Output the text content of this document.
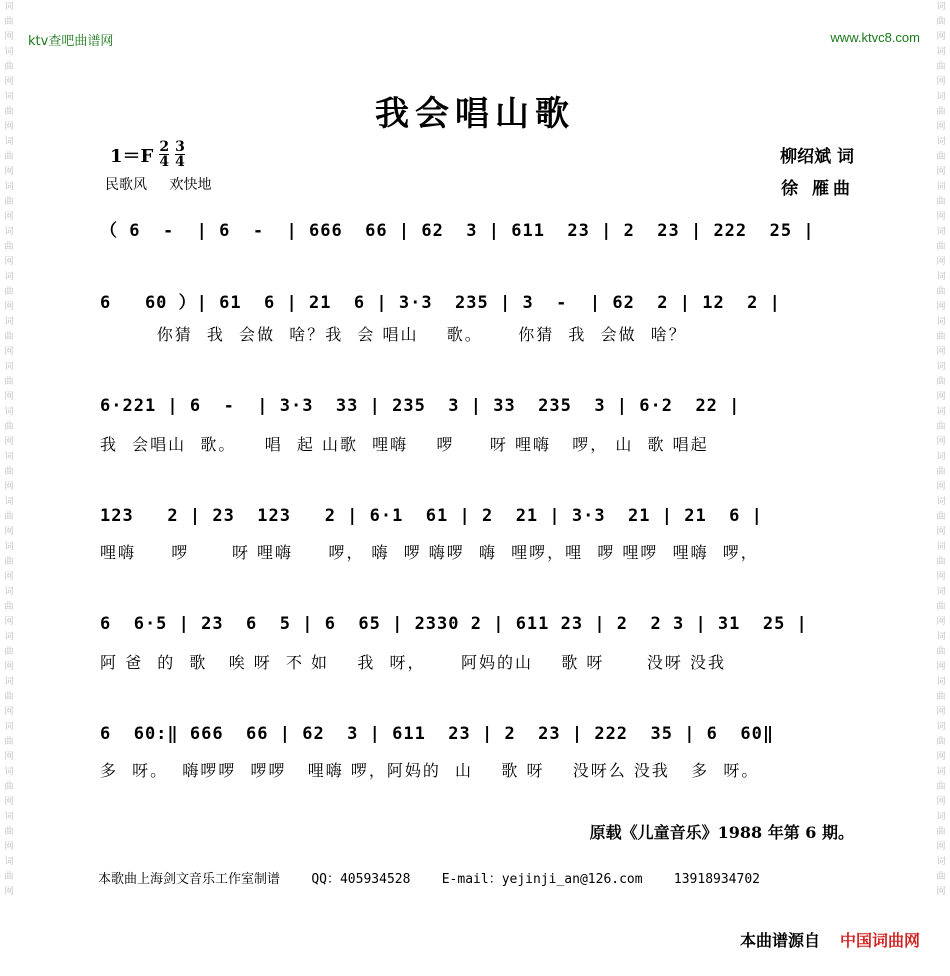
词曲网词曲网词曲网词曲网词曲网词曲网词曲网词曲网词曲网词曲网词曲网词曲网词曲网词曲网词曲网词曲网词曲网词曲网词曲网词曲网
词曲网词曲网词曲网词曲网词曲网词曲网词曲网词曲网词曲网词曲网词曲网词曲网词曲网词曲网词曲网词曲网词曲网词曲网词曲网词曲网
ktv查吧曲谱网	www.ktvc8.com
我会唱山歌
$1=F \frac{2}{4} \frac{3}{4}$
民歌风 欢快地
柳绍斌 词
徐 雁曲
（ 6  -  | 6  -  | 666  66 | 62  3 | 611  23 | 2  23 | 222  25 |
6   60 ）| 61  6 | 21  6 | 3·3  235 | 3  -  | 62  2 | 12  2 |
你猜  我  会做  啥？我  会 唱山    歌。     你猜  我  会做  啥？
6·221 | 6  -  | 3·3  33 | 235  3 | 33  235  3 | 6·2  22 |
我  会唱山  歌。    唱  起 山歌  哩嗨    啰     呀 哩嗨   啰， 山  歌 唱起
123   2 | 23  123   2 | 6·1  61 | 2  21 | 3·3  21 | 21  6 |
哩嗨     啰      呀 哩嗨     啰， 嗨  啰 嗨啰  嗨  哩啰，哩  啰 哩啰  哩嗨  啰，
6  6·5 | 23  6  5 | 6  65 | 2330 2 | 611 23 | 2  2 3 | 31  25 |
阿 爸  的  歌   唉 呀  不 如    我  呀，     阿妈的山    歌 呀      没呀 没我
6  60:‖ 666  66 | 62  3 | 611  23 | 2  23 | 222  35 | 6  60‖
多  呀。  嗨啰啰  啰啰   哩嗨 啰，阿妈的  山    歌 呀    没呀么 没我   多  呀。
原载《儿童音乐》1988 年第 6 期。
本歌曲上海剑文音乐工作室制谱 QQ：405934528 E-mail：yejinji_an@126.com 13918934702
本曲谱源自 中国词曲网
